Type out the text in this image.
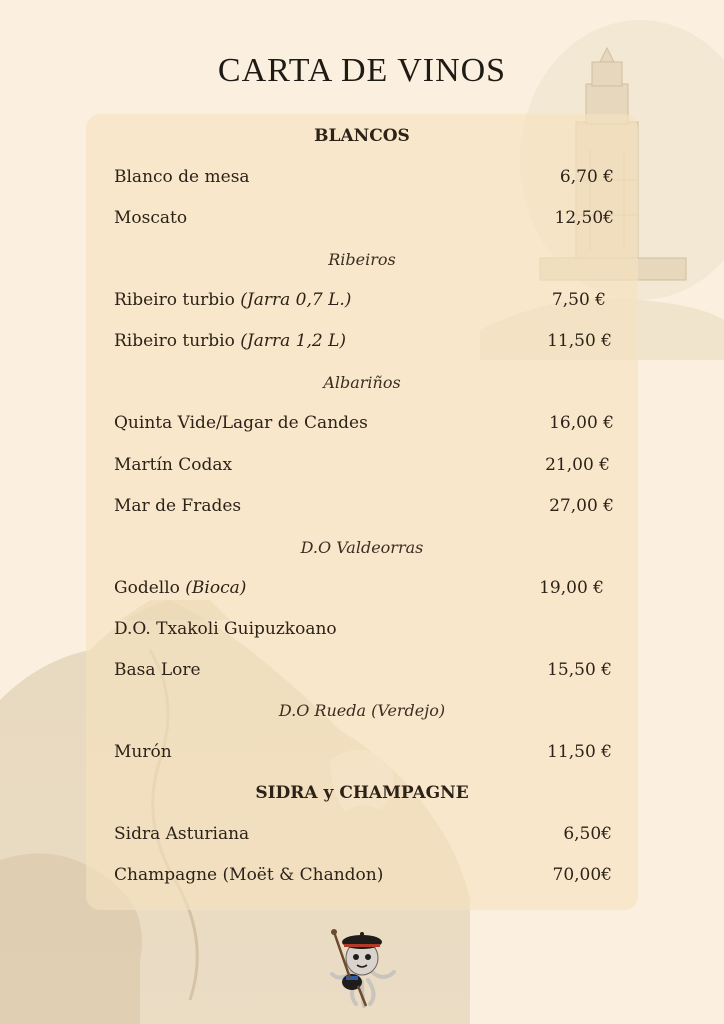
CARTA DE VINOS
BLANCOS
Blanco de mesa	6,70 €
Moscato	12,50€
Ribeiros
Ribeiro turbio (Jarra 0,7 L.)	7,50 €
Ribeiro turbio (Jarra 1,2 L)	11,50 €
Albariños
Quinta Vide/Lagar de Candes	16,00 €
Martín Codax	21,00 €
Mar de Frades	27,00 €
D.O Valdeorras
Godello (Bioca)	19,00 €
D.O. Txakoli Guipuzkoano
Basa Lore	15,50 €
D.O Rueda (Verdejo)
Murón	11,50 €
SIDRA y CHAMPAGNE
Sidra Asturiana	6,50€
Champagne (Moët & Chandon)	70,00€
